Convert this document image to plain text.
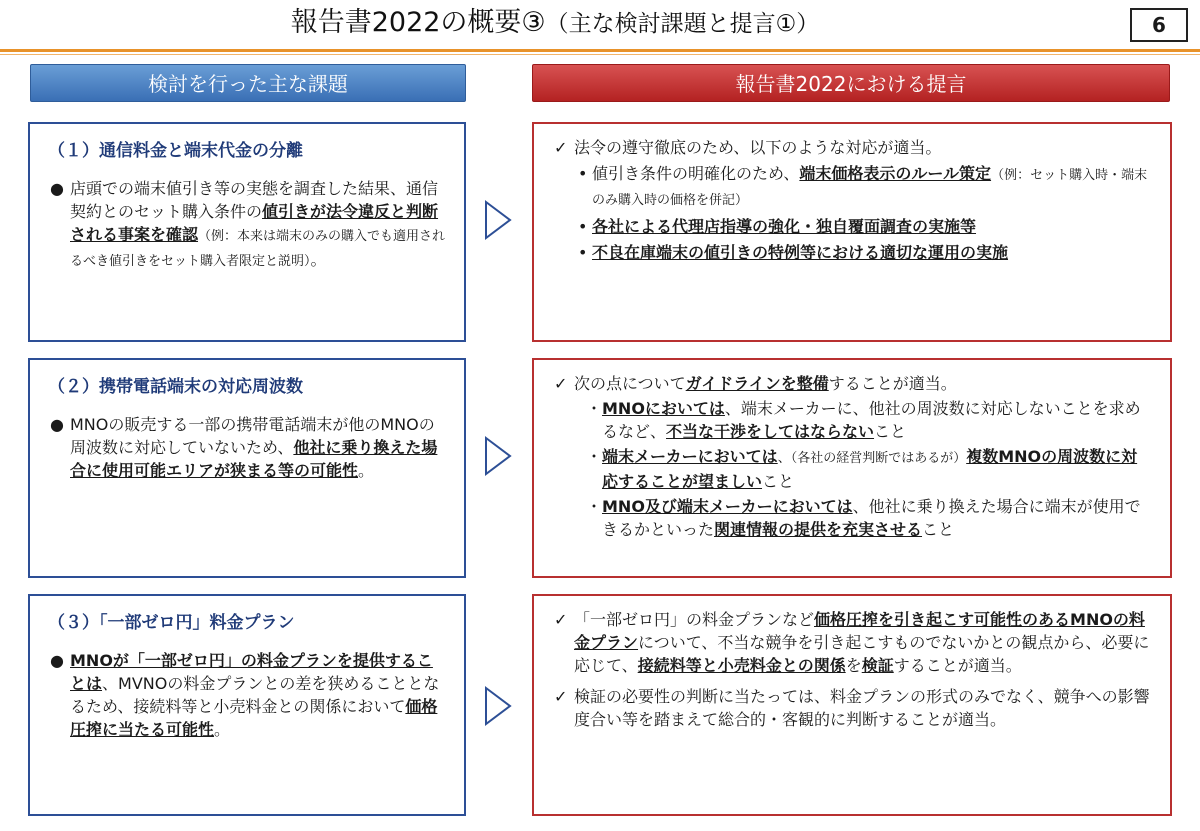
報告書2022の概要③（主な検討課題と提言①）	6
検討を行った主な課題	報告書2022における提言
（１）通信料金と端末代金の分離
● 店頭での端末値引き等の実態を調査した結果、通信契約とのセット購入条件の値引きが法令違反と判断される事案を確認（例：本来は端末のみの購入でも適用されるべき値引きをセット購入者限定と説明）。
✓ 法令の遵守徹底のため、以下のような対応が適当。
• 値引き条件の明確化のため、端末価格表示のルール策定（例：セット購入時・端末のみ購入時の価格を併記）
• 各社による代理店指導の強化・独自覆面調査の実施等
• 不良在庫端末の値引きの特例等における適切な運用の実施
（２）携帯電話端末の対応周波数
● MNOの販売する一部の携帯電話端末が他のMNOの周波数に対応していないため、他社に乗り換えた場合に使用可能エリアが狭まる等の可能性。
✓ 次の点についてガイドラインを整備することが適当。
・ MNOにおいては、端末メーカーに、他社の周波数に対応しないことを求めるなど、不当な干渉をしてはならないこと
・ 端末メーカーにおいては、（各社の経営判断ではあるが）複数MNOの周波数に対応することが望ましいこと
・ MNO及び端末メーカーにおいては、他社に乗り換えた場合に端末が使用できるかといった関連情報の提供を充実させること
（３）「一部ゼロ円」料金プラン
● MNOが「一部ゼロ円」の料金プランを提供することは、MVNOの料金プランとの差を狭めることとなるため、接続料等と小売料金との関係において価格圧搾に当たる可能性。
✓ 「一部ゼロ円」の料金プランなど価格圧搾を引き起こす可能性のあるMNOの料金プランについて、不当な競争を引き起こすものでないかとの観点から、必要に応じて、接続料等と小売料金との関係を検証することが適当。
✓ 検証の必要性の判断に当たっては、料金プランの形式のみでなく、競争への影響度合い等を踏まえて総合的・客観的に判断することが適当。
